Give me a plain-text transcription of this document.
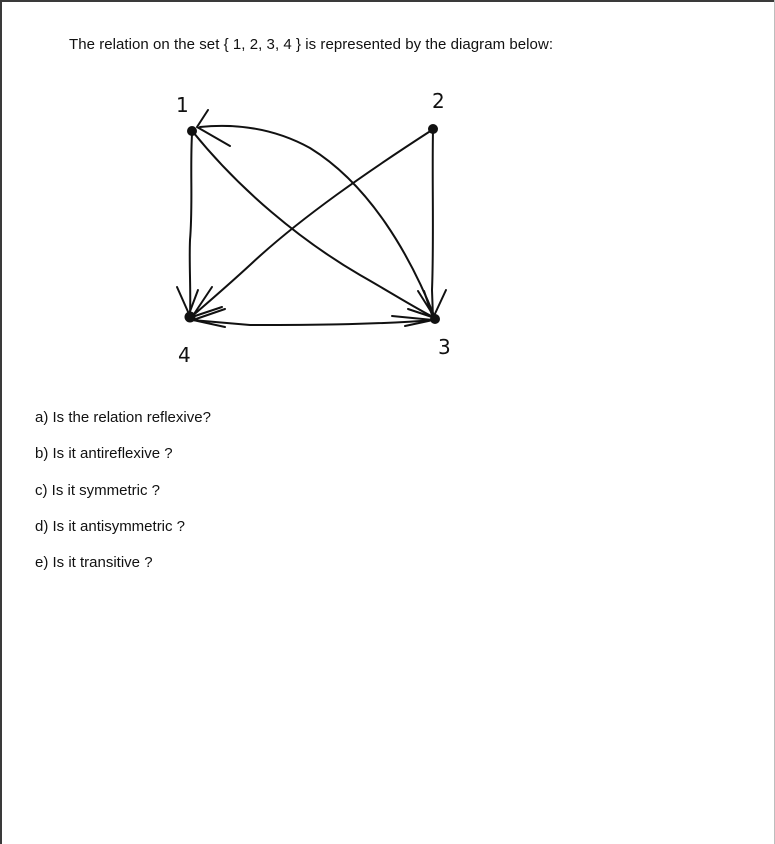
The relation on the set { 1, 2, 3, 4 } is represented by the diagram below:
1	2
3
4
a) Is the relation reflexive?
b) Is it antireflexive ?
c) Is it symmetric ?
d) Is it antisymmetric ?
e) Is it transitive ?
